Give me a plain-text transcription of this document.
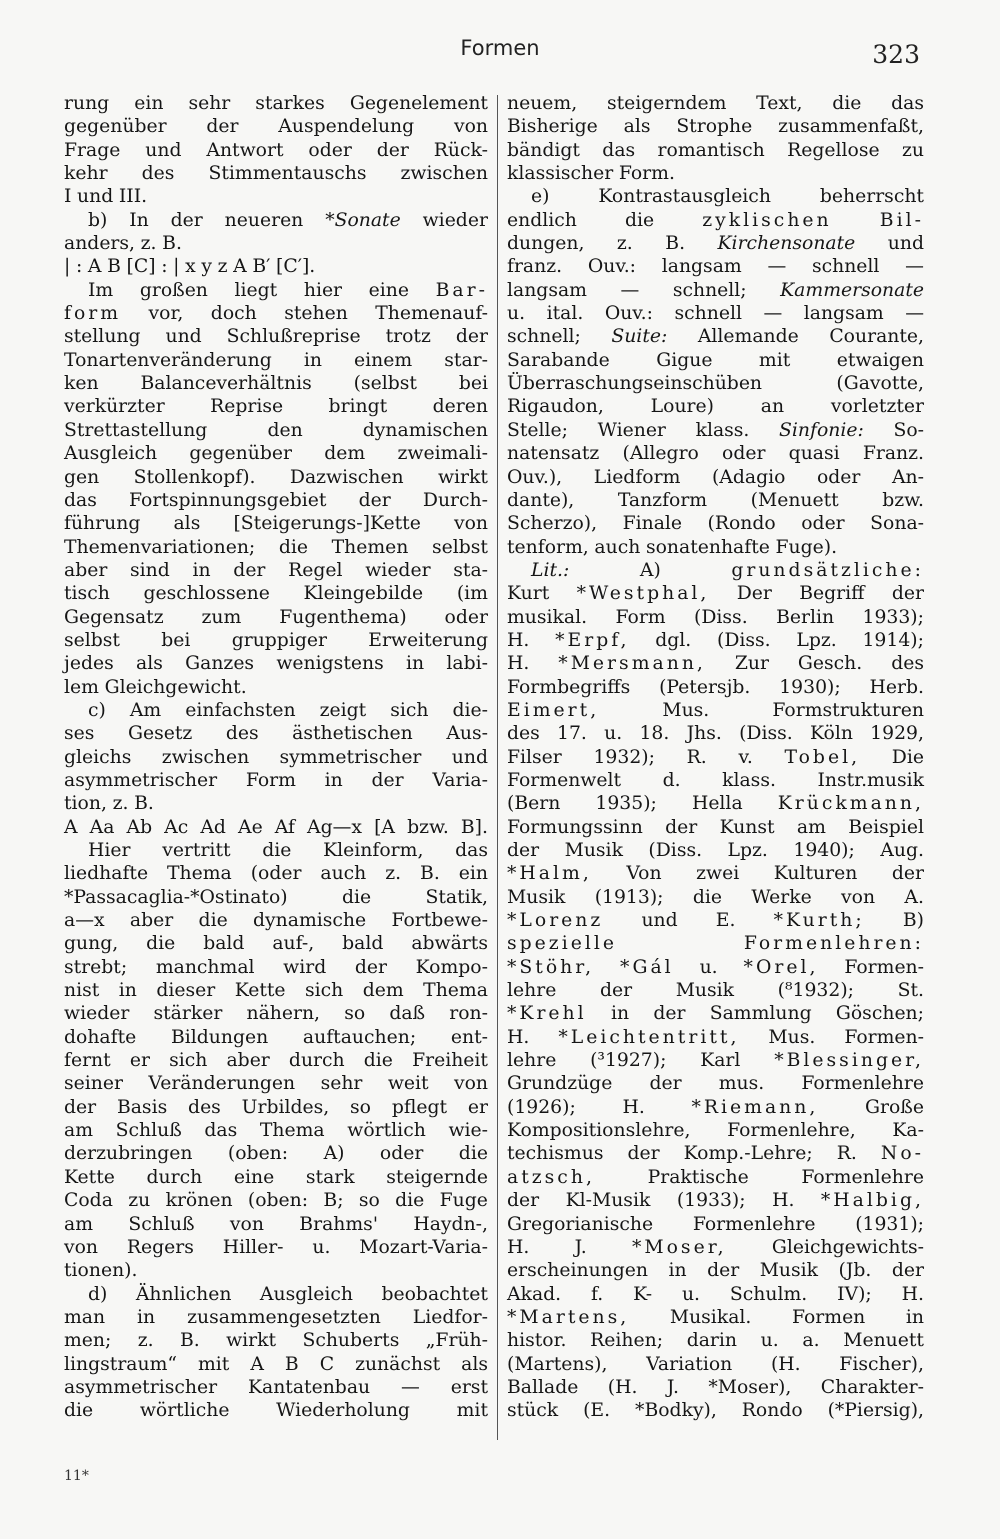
Formen	323
rung ein sehr starkes Gegenelement
gegenüber der Auspendelung von
Frage und Antwort oder der Rück-
kehr des Stimmentauschs zwischen
I und III.
b) In der neueren *Sonate wieder
anders, z. B.
| : A B [C] : | x y z A B′ [C′].
Im großen liegt hier eine Bar-
form vor, doch stehen Themenauf-
stellung und Schlußreprise trotz der
Tonartenveränderung in einem star-
ken Balanceverhältnis (selbst bei
verkürzter Reprise bringt deren
Strettastellung	den	dynamischen
Ausgleich gegenüber dem zweimali-
gen Stollenkopf). Dazwischen wirkt
das Fortspinnungsgebiet der Durch-
führung als [Steigerungs-]Kette von
Themenvariationen; die Themen selbst
aber sind in der Regel wieder sta-
tisch geschlossene Kleingebilde (im
Gegensatz zum Fugenthema) oder
selbst bei gruppiger Erweiterung
jedes als Ganzes wenigstens in labi-
lem Gleichgewicht.
c) Am einfachsten zeigt sich die-
ses Gesetz des ästhetischen Aus-
gleichs zwischen symmetrischer und
asymmetrischer Form in der Varia-
tion, z. B.
A Aa Ab Ac Ad Ae Af Ag—x [A bzw. B].
Hier vertritt die Kleinform, das
liedhafte Thema (oder auch z. B. ein
*Passacaglia-*Ostinato)	die	Statik,
a—x aber die dynamische Fortbewe-
gung, die bald auf-, bald abwärts
strebt; manchmal wird der Kompo-
nist in dieser Kette sich dem Thema
wieder stärker nähern, so daß ron-
dohafte Bildungen auftauchen; ent-
fernt er sich aber durch die Freiheit
seiner Veränderungen sehr weit von
der Basis des Urbildes, so pflegt er
am Schluß das Thema wörtlich wie-
derzubringen (oben: A) oder die
Kette durch eine stark steigernde
Coda zu krönen (oben: B; so die Fuge
am Schluß von Brahms' Haydn-,
von Regers Hiller- u. Mozart-Varia-
tionen).
d) Ähnlichen Ausgleich beobachtet
man in zusammengesetzten Liedfor-
men; z. B. wirkt Schuberts „Früh-
lingstraum“ mit A B C zunächst als
asymmetrischer Kantatenbau — erst
die wörtliche Wiederholung mit
neuem, steigerndem Text, die das
Bisherige als Strophe zusammenfaßt,
bändigt das romantisch Regellose zu
klassischer Form.
e)	Kontrastausgleich	beherrscht
endlich	die	zyklischen	Bil-
dungen, z. B. Kirchensonate und
franz. Ouv.: langsam — schnell —
langsam — schnell; Kammersonate
u. ital. Ouv.: schnell — langsam —
schnell; Suite: Allemande Courante,
Sarabande Gigue mit etwaigen
Überraschungseinschüben	(Gavotte,
Rigaudon, Loure) an vorletzter
Stelle; Wiener klass. Sinfonie: So-
natensatz (Allegro oder quasi Franz.
Ouv.), Liedform (Adagio oder An-
dante), Tanzform (Menuett bzw.
Scherzo), Finale (Rondo oder Sona-
tenform, auch sonatenhafte Fuge).
Lit.:	A)	grundsätzliche:
Kurt *Westphal, Der Begriff der
musikal. Form (Diss. Berlin 1933);
H. *Erpf, dgl. (Diss. Lpz. 1914);
H. *Mersmann, Zur Gesch. des
Formbegriffs (Petersjb. 1930); Herb.
Eimert,	Mus.	Formstrukturen
des 17. u. 18. Jhs. (Diss. Köln 1929,
Filser 1932); R. v. Tobel, Die
Formenwelt d. klass. Instr.musik
(Bern 1935); Hella Krückmann,
Formungssinn der Kunst am Beispiel
der Musik (Diss. Lpz. 1940); Aug.
*Halm, Von zwei Kulturen der
Musik (1913); die Werke von A.
*Lorenz und E. *Kurth; B)
spezielle	Formenlehren:
*Stöhr, *Gál u. *Orel, Formen-
lehre der Musik (⁸1932); St.
*Krehl in der Sammlung Göschen;
H. *Leichtentritt, Mus. Formen-
lehre (³1927); Karl *Blessinger,
Grundzüge der mus. Formenlehre
(1926); H. *Riemann, Große
Kompositionslehre, Formenlehre, Ka-
techismus der Komp.-Lehre; R. No-
atzsch,	Praktische	Formenlehre
der Kl-Musik (1933); H. *Halbig,
Gregorianische Formenlehre (1931);
H. J. *Moser, Gleichgewichts-
erscheinungen in der Musik (Jb. der
Akad. f. K- u. Schulm. IV); H.
*Martens, Musikal. Formen in
histor. Reihen; darin u. a. Menuett
(Martens), Variation (H. Fischer),
Ballade (H. J. *Moser), Charakter-
stück (E. *Bodky), Rondo (*Piersig),
11*
